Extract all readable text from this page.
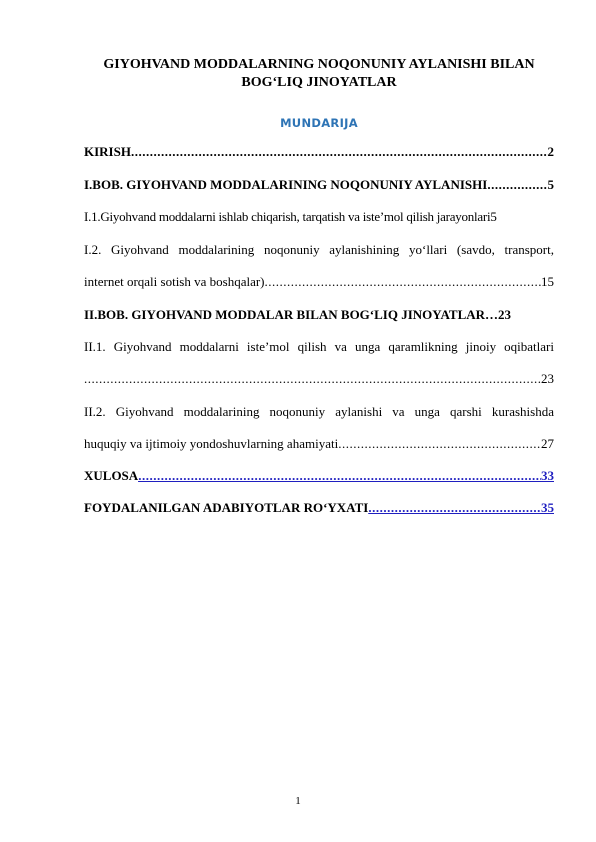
GIYOHVAND MODDALARNING NOQONUNIY AYLANISHI BILAN BOG‘LIQ JINOYATLAR
MUNDARIJA
KIRISH .....	2
I.BOB. GIYOHVAND MODDALARINING NOQONUNIY AYLANISHI .....	5
I.1.Giyohvand moddalarni ishlab chiqarish, tarqatish va iste’mol qilish jarayonlari 5
I.2. Giyohvand moddalarining noqonuniy aylanishining yo‘llari (savdo, transport,
internet orqali sotish va boshqalar) .....	15
II.BOB. GIYOHVAND MODDALAR BILAN BOG‘LIQ JINOYATLAR… 23
II.1. Giyohvand moddalarni iste’mol qilish va unga qaramlikning jinoiy oqibatlari
.....
23
II.2. Giyohvand moddalarining noqonuniy aylanishi va unga qarshi kurashishda
huquqiy va ijtimoiy yondoshuvlarning ahamiyati .....	27
XULOSA .....	33
FOYDALANILGAN ADABIYOTLAR RO‘YXATI .....	35
1
